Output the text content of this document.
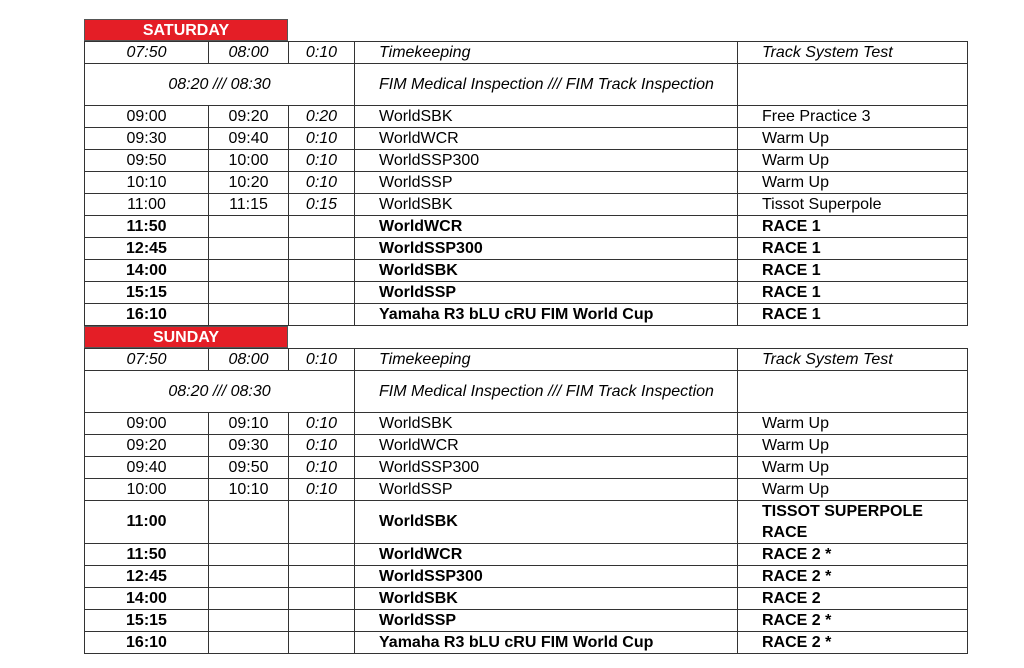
SATURDAY
07:50	08:00	0:10	Timekeeping	Track System Test
08:20 /// 08:30			FIM Medical Inspection /// FIM Track Inspection	
09:00	09:20	0:20	WorldSBK	Free Practice 3
09:30	09:40	0:10	WorldWCR	Warm Up
09:50	10:00	0:10	WorldSSP300	Warm Up
10:10	10:20	0:10	WorldSSP	Warm Up
11:00	11:15	0:15	WorldSBK	Tissot Superpole
11:50			WorldWCR	RACE 1
12:45			WorldSSP300	RACE 1
14:00			WorldSBK	RACE 1
15:15			WorldSSP	RACE 1
16:10			Yamaha R3 bLU cRU FIM World Cup	RACE 1
SUNDAY
07:50	08:00	0:10	Timekeeping	Track System Test
08:20 /// 08:30			FIM Medical Inspection /// FIM Track Inspection	
09:00	09:10	0:10	WorldSBK	Warm Up
09:20	09:30	0:10	WorldWCR	Warm Up
09:40	09:50	0:10	WorldSSP300	Warm Up
10:00	10:10	0:10	WorldSSP	Warm Up
11:00			WorldSBK	TISSOT SUPERPOLE RACE
11:50			WorldWCR	RACE 2 *
12:45			WorldSSP300	RACE 2 *
14:00			WorldSBK	RACE 2
15:15			WorldSSP	RACE 2 *
16:10			Yamaha R3 bLU cRU FIM World Cup	RACE 2 *
